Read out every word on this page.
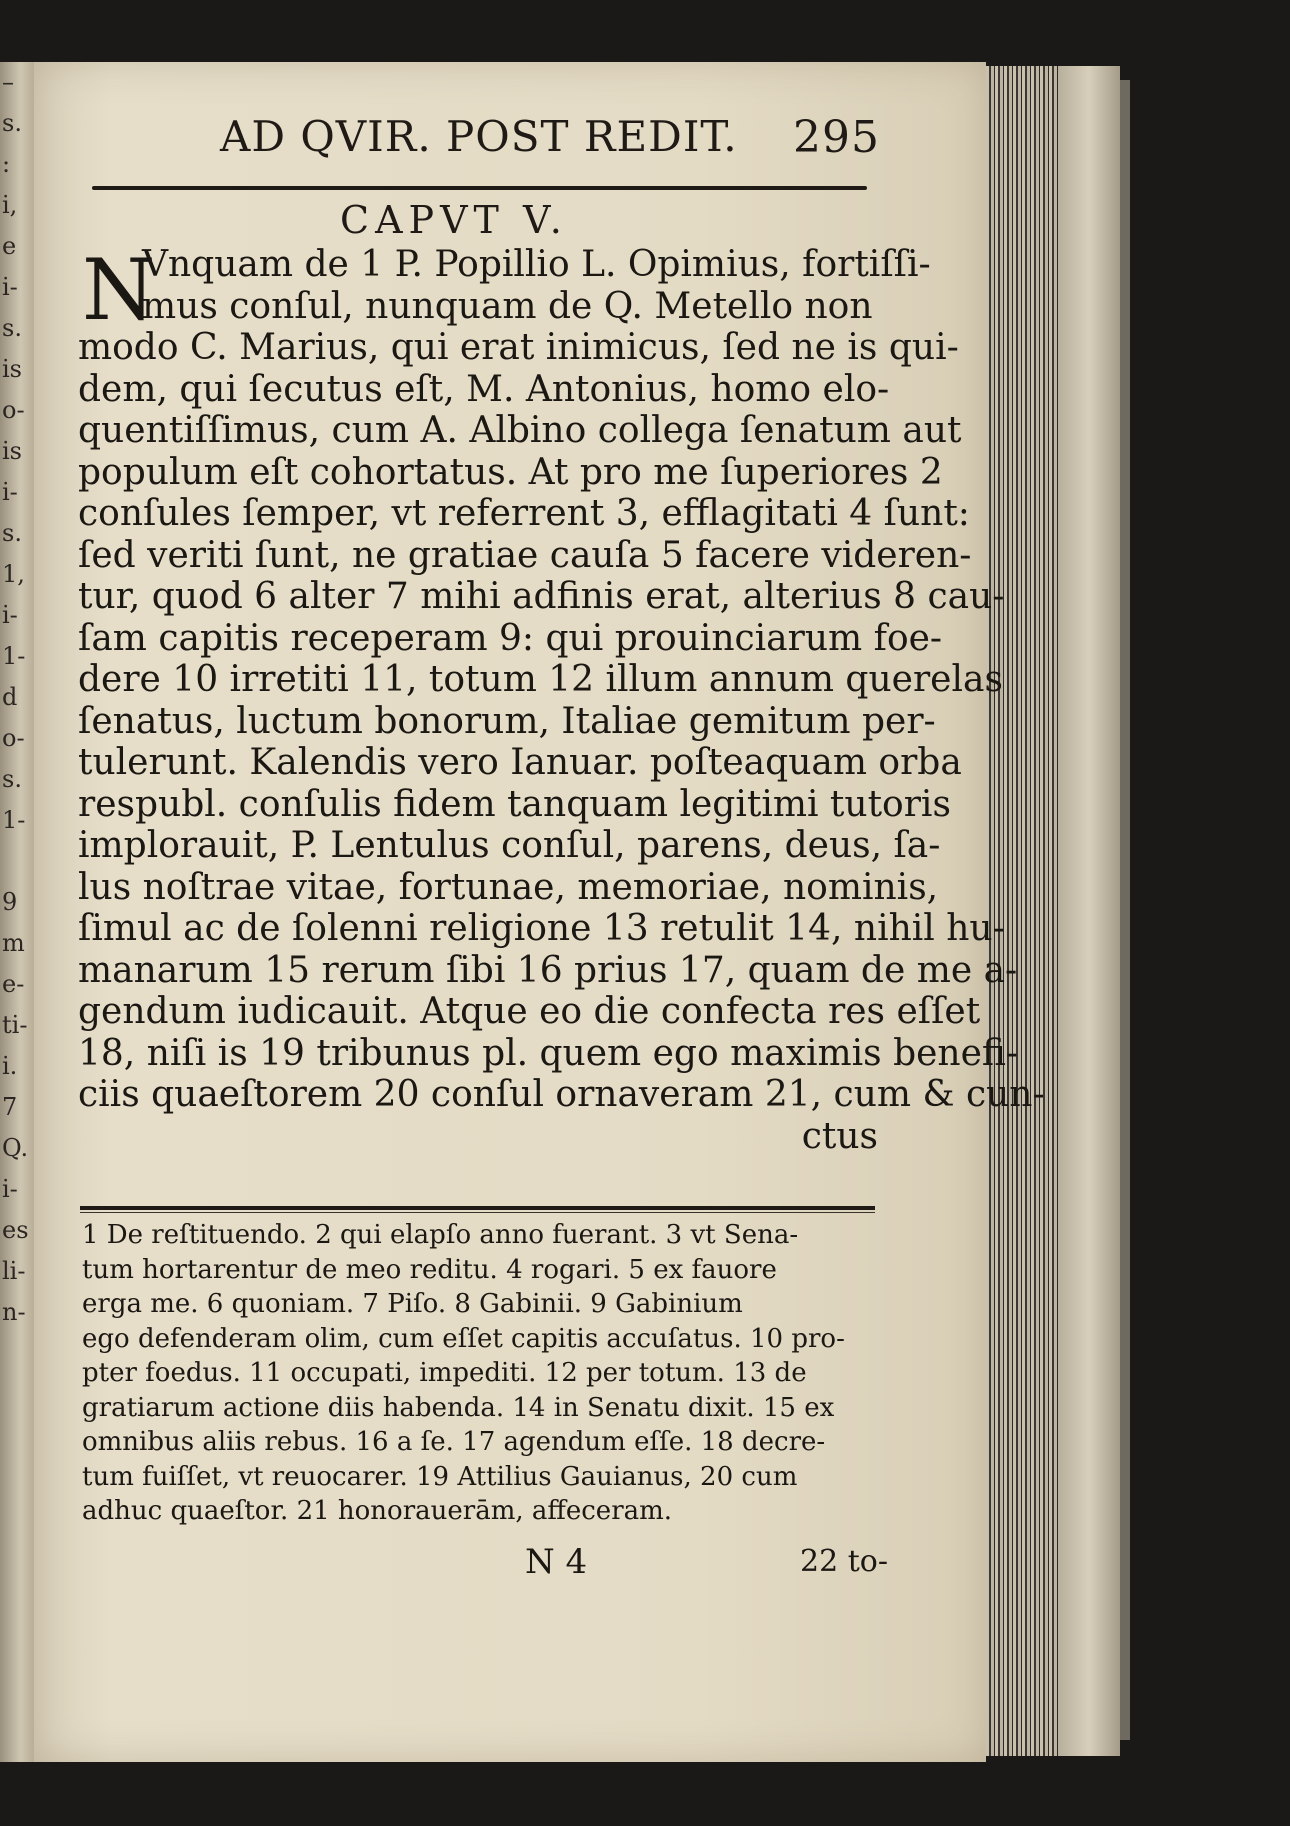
–
s.
:
i,
e
i-
s.
is
o-
is
i-
s.
1,
i-
1-
d
o-
s.
1-
9
m
e-
ti-
i.
7
Q.
i-
es
li-
n-
AD QVIR. POST REDIT. 295
CAPVT V.
N
Vnquam de 1 P. Popillio L. Opimius, fortiſſi-
mus conſul, nunquam de Q. Metello non
modo C. Marius, qui erat inimicus, ſed ne is qui-
dem, qui ſecutus eſt, M. Antonius, homo elo-
quentiſſimus, cum A. Albino collega ſenatum aut
populum eſt cohortatus. At pro me ſuperiores 2
conſules ſemper, vt referrent 3, efflagitati 4 ſunt:
ſed veriti ſunt, ne gratiae cauſa 5 facere videren-
tur, quod 6 alter 7 mihi adfinis erat, alterius 8 cau-
ſam capitis receperam 9: qui prouinciarum foe-
dere 10 irretiti 11, totum 12 illum annum querelas
ſenatus, luctum bonorum, Italiae gemitum per-
tulerunt. Kalendis vero Ianuar. poſteaquam orba
respubl. conſulis fidem tanquam legitimi tutoris
implorauit, P. Lentulus conſul, parens, deus, ſa-
lus noſtrae vitae, fortunae, memoriae, nominis,
ſimul ac de ſolenni religione 13 retulit 14, nihil hu-
manarum 15 rerum ſibi 16 prius 17, quam de me a-
gendum iudicauit. Atque eo die confecta res eſſet
18, niſi is 19 tribunus pl. quem ego maximis benefi-
ciis quaeſtorem 20 conſul ornaveram 21, cum & cun-
ctus
1 De reſtituendo. 2 qui elapſo anno fuerant. 3 vt Sena-
tum hortarentur de meo reditu. 4 rogari. 5 ex fauore
erga me. 6 quoniam. 7 Piſo. 8 Gabinii. 9 Gabinium
ego defenderam olim, cum eſſet capitis accuſatus. 10 pro-
pter foedus. 11 occupati, impediti. 12 per totum. 13 de
gratiarum actione diis habenda. 14 in Senatu dixit. 15 ex
omnibus aliis rebus. 16 a ſe. 17 agendum eſſe. 18 decre-
tum fuiſſet, vt reuocarer. 19 Attilius Gauianus, 20 cum
adhuc quaeſtor. 21 honorauerām, affeceram.
N 4	22 to-
